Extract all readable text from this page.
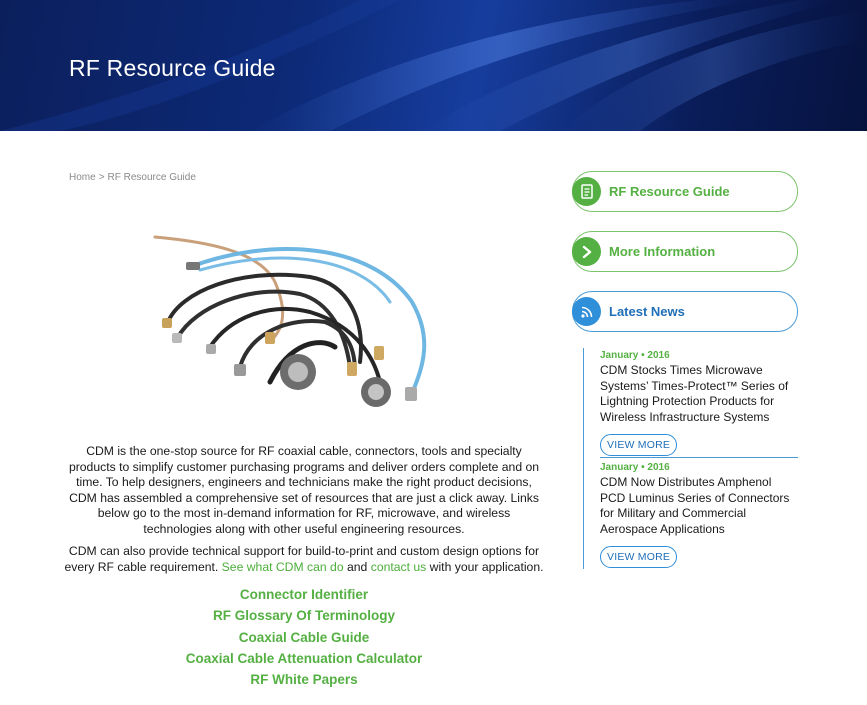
RF Resource Guide
Home > RF Resource Guide

CDM is the one-stop source for RF coaxial cable, connectors, tools and specialty products to simplify customer purchasing programs and deliver orders complete and on time. To help designers, engineers and technicians make the right product decisions, CDM has assembled a comprehensive set of resources that are just a click away. Links below go to the most in-demand information for RF, microwave, and wireless technologies along with other useful engineering resources.

CDM can also provide technical support for build-to-print and custom design options for every RF cable requirement. See what CDM can do and contact us with your application.

Connector Identifier
RF Glossary Of Terminology
Coaxial Cable Guide
Coaxial Cable Attenuation Calculator
RF White Papers
RF Resource Guide
More Information
Latest News
January • 2016
CDM Stocks Times Microwave Systems’ Times-Protect™ Series of Lightning Protection Products for Wireless Infrastructure Systems
VIEW MORE
January • 2016
CDM Now Distributes Amphenol PCD Luminus Series of Connectors for Military and Commercial Aerospace Applications
VIEW MORE
